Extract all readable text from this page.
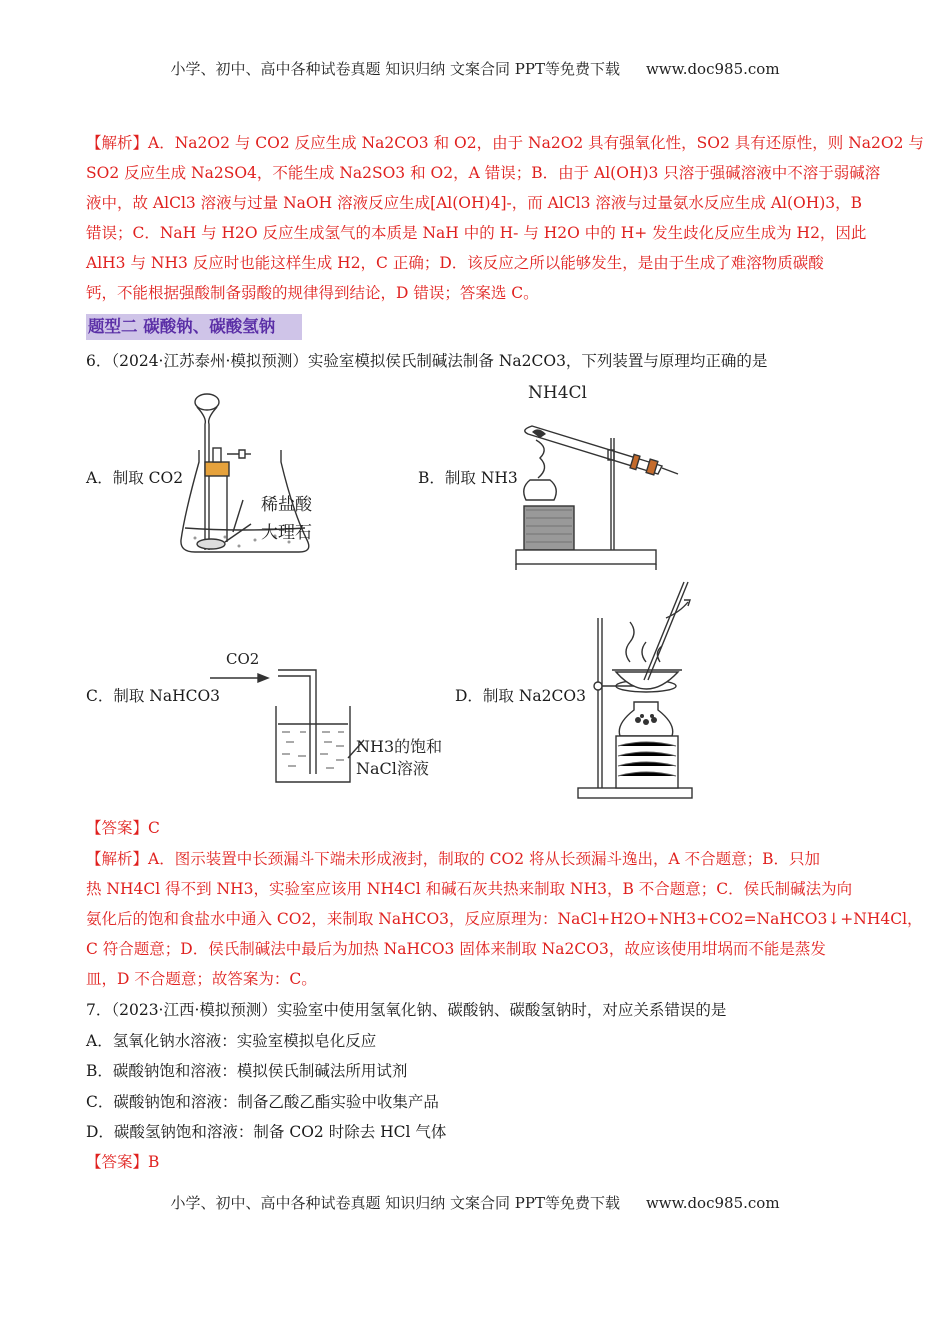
小学、初中、高中各种试卷真题 知识归纳 文案合同 PPT等免费下载 www.doc985.com
【解析】A．Na2O2 与 CO2 反应生成 Na2CO3 和 O2，由于 Na2O2 具有强氧化性，SO2 具有还原性，则 Na2O2 与
SO2 反应生成 Na2SO4，不能生成 Na2SO3 和 O2，A 错误；B．由于 Al(OH)3 只溶于强碱溶液中不溶于弱碱溶
液中，故 AlCl3 溶液与过量 NaOH 溶液反应生成[Al(OH)4]-，而 AlCl3 溶液与过量氨水反应生成 Al(OH)3，B
错误；C．NaH 与 H2O 反应生成氢气的本质是 NaH 中的 H- 与 H2O 中的 H+ 发生歧化反应生成为 H2，因此
AlH3 与 NH3 反应时也能这样生成 H2，C 正确；D．该反应之所以能够发生，是由于生成了难溶物质碳酸
钙，不能根据强酸制备弱酸的规律得到结论，D 错误；答案选 C。
题型二 碳酸钠、碳酸氢钠
6．（2024·江苏泰州·模拟预测）实验室模拟侯氏制碱法制备 Na2CO3，下列装置与原理均正确的是
稀盐酸
大理石
A．制取 CO2
NH4Cl
B．制取 NH3
CO2
NH3的饱和
NaCl溶液
C．制取 NaHCO3	D．制取 Na2CO3
【答案】C
【解析】A．图示装置中长颈漏斗下端未形成液封，制取的 CO2 将从长颈漏斗逸出，A 不合题意；B．只加
热 NH4Cl 得不到 NH3，实验室应该用 NH4Cl 和碱石灰共热来制取 NH3，B 不合题意；C．侯氏制碱法为向
氨化后的饱和食盐水中通入 CO2，来制取 NaHCO3，反应原理为：NaCl+H2O+NH3+CO2=NaHCO3↓+NH4Cl，
C 符合题意；D．侯氏制碱法中最后为加热 NaHCO3 固体来制取 Na2CO3，故应该使用坩埚而不能是蒸发
皿，D 不合题意；故答案为：C。
7．（2023·江西·模拟预测）实验室中使用氢氧化钠、碳酸钠、碳酸氢钠时，对应关系错误的是
A．氢氧化钠水溶液：实验室模拟皂化反应
B．碳酸钠饱和溶液：模拟侯氏制碱法所用试剂
C．碳酸钠饱和溶液：制备乙酸乙酯实验中收集产品
D．碳酸氢钠饱和溶液：制备 CO2 时除去 HCl 气体
【答案】B
小学、初中、高中各种试卷真题 知识归纳 文案合同 PPT等免费下载 www.doc985.com
